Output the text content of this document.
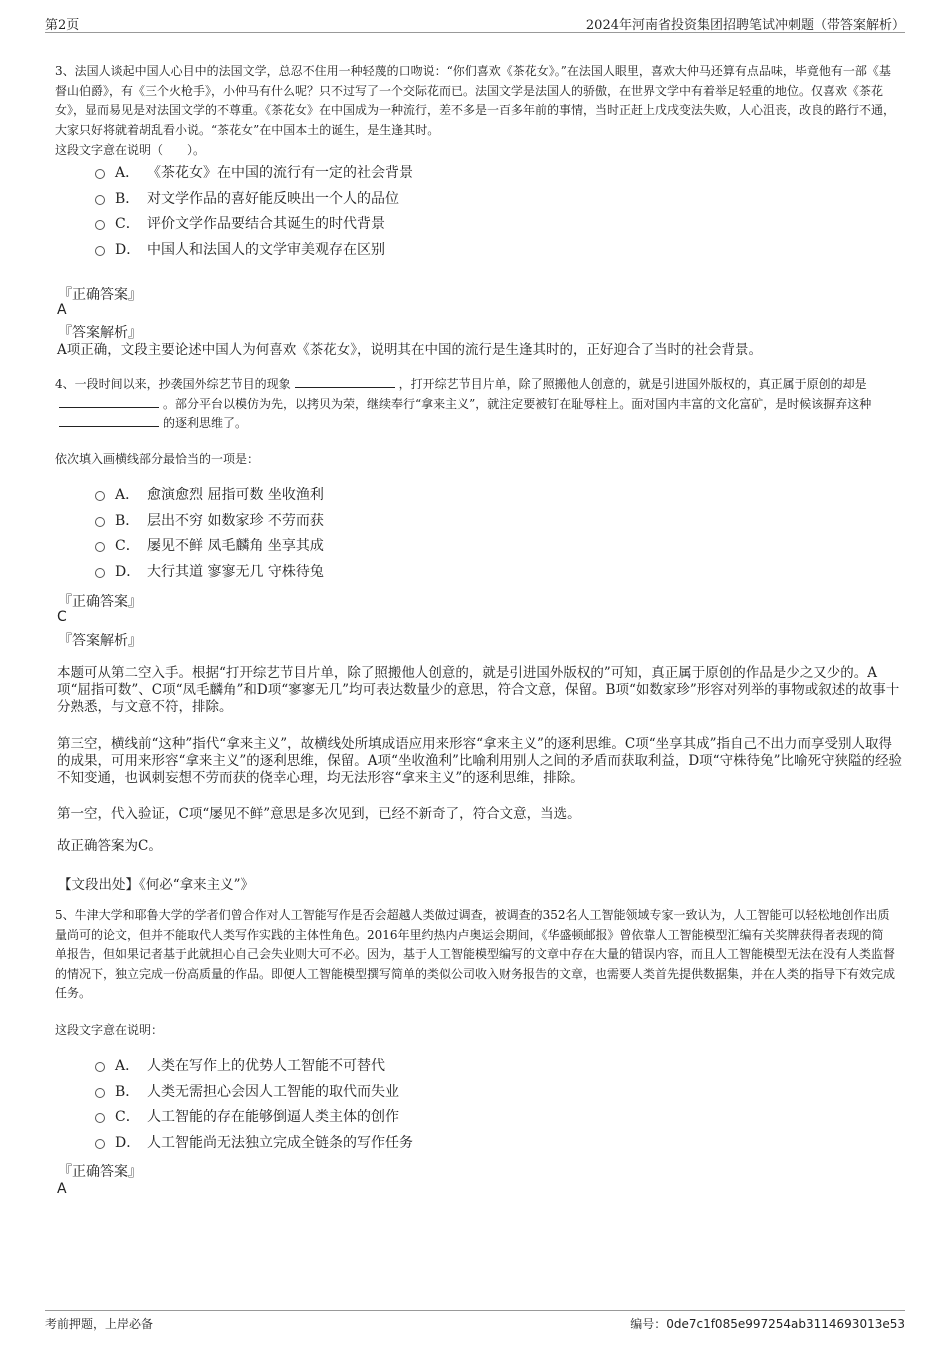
第2页	2024年河南省投资集团招聘笔试冲刺题（带答案解析）

3、法国人谈起中国人心目中的法国文学，总忍不住用一种轻蔑的口吻说：“你们喜欢《茶花女》。”在法国人眼里，喜欢大仲马还算有点品味，毕竟他有一部《基督山伯爵》，有《三个火枪手》，小仲马有什么呢？只不过写了一个交际花而已。法国文学是法国人的骄傲，在世界文学中有着举足轻重的地位。仅喜欢《茶花女》，显而易见是对法国文学的不尊重。《茶花女》在中国成为一种流行，差不多是一百多年前的事情，当时正赶上戊戌变法失败，人心沮丧，改良的路行不通，大家只好将就着胡乱看小说。“茶花女”在中国本土的诞生，是生逢其时。

这段文字意在说明（　　）。
A． 《茶花女》在中国的流行有一定的社会背景
B． 对文学作品的喜好能反映出一个人的品位
C． 评价文学作品要结合其诞生的时代背景
D． 中国人和法国人的文学审美观存在区别
『正确答案』
A
『答案解析』
A项正确，文段主要论述中国人为何喜欢《茶花女》，说明其在中国的流行是生逢其时的，正好迎合了当时的社会背景。

4、一段时间以来，抄袭国外综艺节目的现象	，打开综艺节目片单，除了照搬他人创意的，就是引进国外版权的，真正属于原创的却是。部分平台以模仿为先，以拷贝为荣，继续奉行“拿来主义”，就注定要被钉在耻辱柱上。面对国内丰富的文化富矿，是时候该摒弃这种的逐利思维了。

依次填入画横线部分最恰当的一项是：
A． 愈演愈烈 屈指可数 坐收渔利
B． 层出不穷 如数家珍 不劳而获
C． 屡见不鲜 凤毛麟角 坐享其成
D． 大行其道 寥寥无几 守株待兔
『正确答案』
C
『答案解析』

本题可从第二空入手。根据“打开综艺节目片单，除了照搬他人创意的，就是引进国外版权的”可知，真正属于原创的作品是少之又少的。A项“屈指可数”、C项“凤毛麟角”和D项“寥寥无几”均可表达数量少的意思，符合文意，保留。B项“如数家珍”形容对列举的事物或叙述的故事十分熟悉，与文意不符，排除。

第三空，横线前“这种”指代“拿来主义”，故横线处所填成语应用来形容“拿来主义”的逐利思维。C项“坐享其成”指自己不出力而享受别人取得的成果，可用来形容“拿来主义”的逐利思维，保留。A项“坐收渔利”比喻利用别人之间的矛盾而获取利益，D项“守株待兔”比喻死守狭隘的经验不知变通，也讽刺妄想不劳而获的侥幸心理，均无法形容“拿来主义”的逐利思维，排除。

第一空，代入验证，C项“屡见不鲜”意思是多次见到，已经不新奇了，符合文意，当选。

故正确答案为C。

【文段出处】《何必“拿来主义”》

5、牛津大学和耶鲁大学的学者们曾合作对人工智能写作是否会超越人类做过调查，被调查的352名人工智能领域专家一致认为，人工智能可以轻松地创作出质量尚可的论文，但并不能取代人类写作实践的主体性角色。2016年里约热内卢奥运会期间，《华盛顿邮报》曾依靠人工智能模型汇编有关奖牌获得者表现的简单报告，但如果记者基于此就担心自己会失业则大可不必。因为，基于人工智能模型编写的文章中存在大量的错误内容，而且人工智能模型无法在没有人类监督的情况下，独立完成一份高质量的作品。即便人工智能模型撰写简单的类似公司收入财务报告的文章，也需要人类首先提供数据集，并在人类的指导下有效完成任务。

这段文字意在说明：
A． 人类在写作上的优势人工智能不可替代
B． 人类无需担心会因人工智能的取代而失业
C． 人工智能的存在能够倒逼人类主体的创作
D． 人工智能尚无法独立完成全链条的写作任务
『正确答案』
A
考前押题，上岸必备	编号：0de7c1f085e997254ab3114693013e53
